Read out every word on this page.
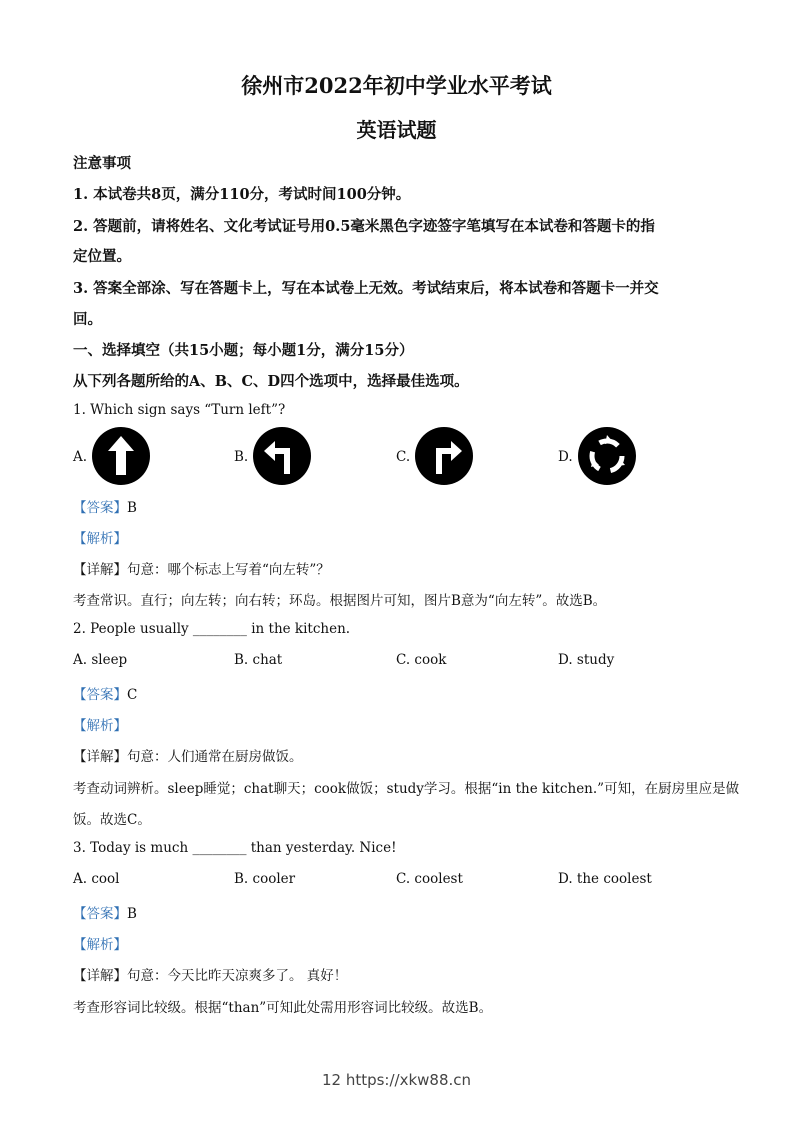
徐州市2022年初中学业水平考试
英语试题
注意事项
1. 本试卷共8页，满分110分，考试时间100分钟。
2. 答题前，请将姓名、文化考试证号用0.5毫米黑色字迹签字笔填写在本试卷和答题卡的指
定位置。
3. 答案全部涂、写在答题卡上，写在本试卷上无效。考试结束后，将本试卷和答题卡一并交
回。
一、选择填空（共15小题；每小题1分，满分15分）
从下列各题所给的A、B、C、D四个选项中，选择最佳选项。
1. Which sign says “Turn left”?
A.	B.	C.	D.
【答案】B
【解析】
【详解】句意：哪个标志上写着“向左转”？
考查常识。直行；向左转；向右转；环岛。根据图片可知，图片B意为“向左转”。故选B。
2. People usually ________ in the kitchen.
A. sleep	B. chat	C. cook	D. study
【答案】C
【解析】
【详解】句意：人们通常在厨房做饭。
考查动词辨析。sleep睡觉；chat聊天；cook做饭；study学习。根据“in the kitchen.”可知，在厨房里应是做
饭。故选C。
3. Today is much ________ than yesterday. Nice!
A. cool	B. cooler	C. coolest	D. the coolest
【答案】B
【解析】
【详解】句意：今天比昨天凉爽多了。 真好！
考查形容词比较级。根据“than”可知此处需用形容词比较级。故选B。
12 https://xkw88.cn
